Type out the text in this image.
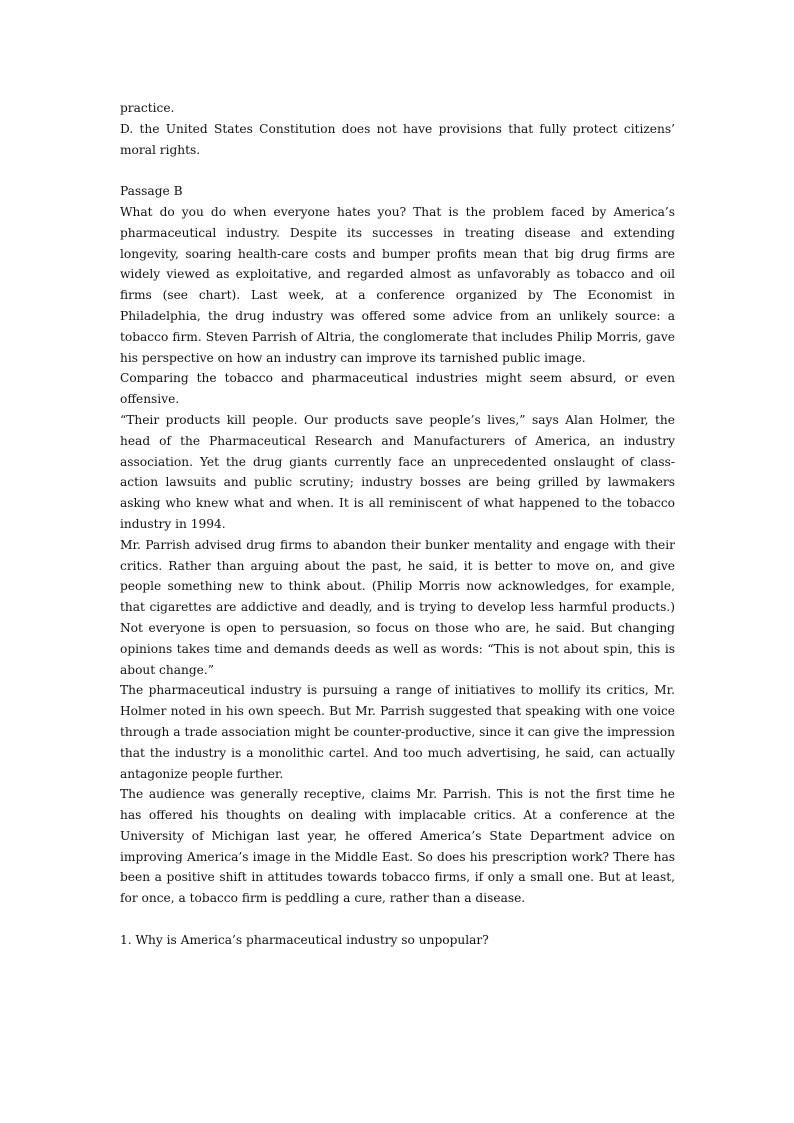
practice.

D. the United States Constitution does not have provisions that fully protect citizens’ moral rights.

Passage B

What do you do when everyone hates you? That is the problem faced by America’s pharmaceutical industry. Despite its successes in treating disease and extending longevity, soaring health-care costs and bumper profits mean that big drug firms are widely viewed as exploitative, and regarded almost as unfavorably as tobacco and oil firms (see chart). Last week, at a conference organized by The Economist in Philadelphia, the drug industry was offered some advice from an unlikely source: a tobacco firm. Steven Parrish of Altria, the conglomerate that includes Philip Morris, gave his perspective on how an industry can improve its tarnished public image.

Comparing the tobacco and pharmaceutical industries might seem absurd, or even offensive.

“Their products kill people. Our products save people’s lives,” says Alan Holmer, the head of the Pharmaceutical Research and Manufacturers of America, an industry association. Yet the drug giants currently face an unprecedented onslaught of class-action lawsuits and public scrutiny; industry bosses are being grilled by lawmakers asking who knew what and when. It is all reminiscent of what happened to the tobacco industry in 1994.

Mr. Parrish advised drug firms to abandon their bunker mentality and engage with their critics. Rather than arguing about the past, he said, it is better to move on, and give people something new to think about. (Philip Morris now acknowledges, for example, that cigarettes are addictive and deadly, and is trying to develop less harmful products.) Not everyone is open to persuasion, so focus on those who are, he said. But changing opinions takes time and demands deeds as well as words: “This is not about spin, this is about change.”

The pharmaceutical industry is pursuing a range of initiatives to mollify its critics, Mr. Holmer noted in his own speech. But Mr. Parrish suggested that speaking with one voice through a trade association might be counter-productive, since it can give the impression that the industry is a monolithic cartel. And too much advertising, he said, can actually antagonize people further.

The audience was generally receptive, claims Mr. Parrish. This is not the first time he has offered his thoughts on dealing with implacable critics. At a conference at the University of Michigan last year, he offered America’s State Department advice on improving America’s image in the Middle East. So does his prescription work? There has been a positive shift in attitudes towards tobacco firms, if only a small one. But at least, for once, a tobacco firm is peddling a cure, rather than a disease.

1. Why is America’s pharmaceutical industry so unpopular?
